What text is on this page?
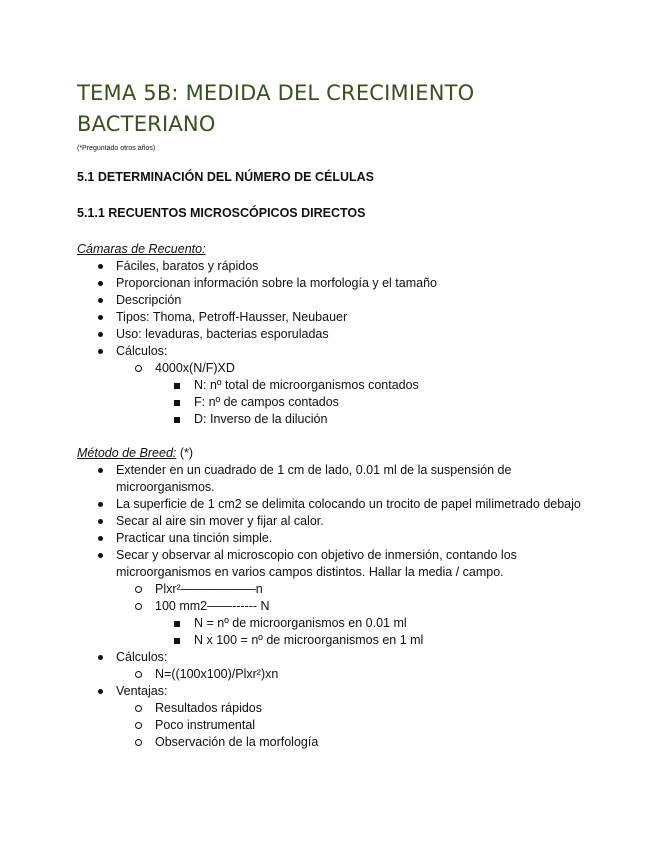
TEMA 5B: MEDIDA DEL CRECIMIENTO BACTERIANO

(*Preguntado otros años)

5.1 DETERMINACIÓN DEL NÚMERO DE CÉLULAS

5.1.1 RECUENTOS MICROSCÓPICOS DIRECTOS

Cámaras de Recuento:

Fáciles, baratos y rápidos
Proporcionan información sobre la morfología y el tamaño
Descripción
Tipos: Thoma, Petroff-Hausser, Neubauer
Uso: levaduras, bacterias esporuladas
Cálculos:
4000x(N/F)XD
N: nº total de microorganismos contados
F: nº de campos contados
D: Inverso de la dilución

Método de Breed: (*)

Extender en un cuadrado de 1 cm de lado, 0.01 ml de la suspensión de microorganismos.
La superficie de 1 cm2 se delimita colocando un trocito de papel milimetrado debajo
Secar al aire sin mover y fijar al calor.
Practicar una tinción simple.
Secar y observar al microscopio con objetivo de inmersión, contando los microorganismos en varios campos distintos. Hallar la media / campo.
Plxr²——————n
100 mm2——------ N
N = nº de microorganismos en 0.01 ml
N x 100 = nº de microorganismos en 1 ml
Cálculos:
N=((100x100)/Plxr²)xn
Ventajas:
Resultados rápidos
Poco instrumental
Observación de la morfología
